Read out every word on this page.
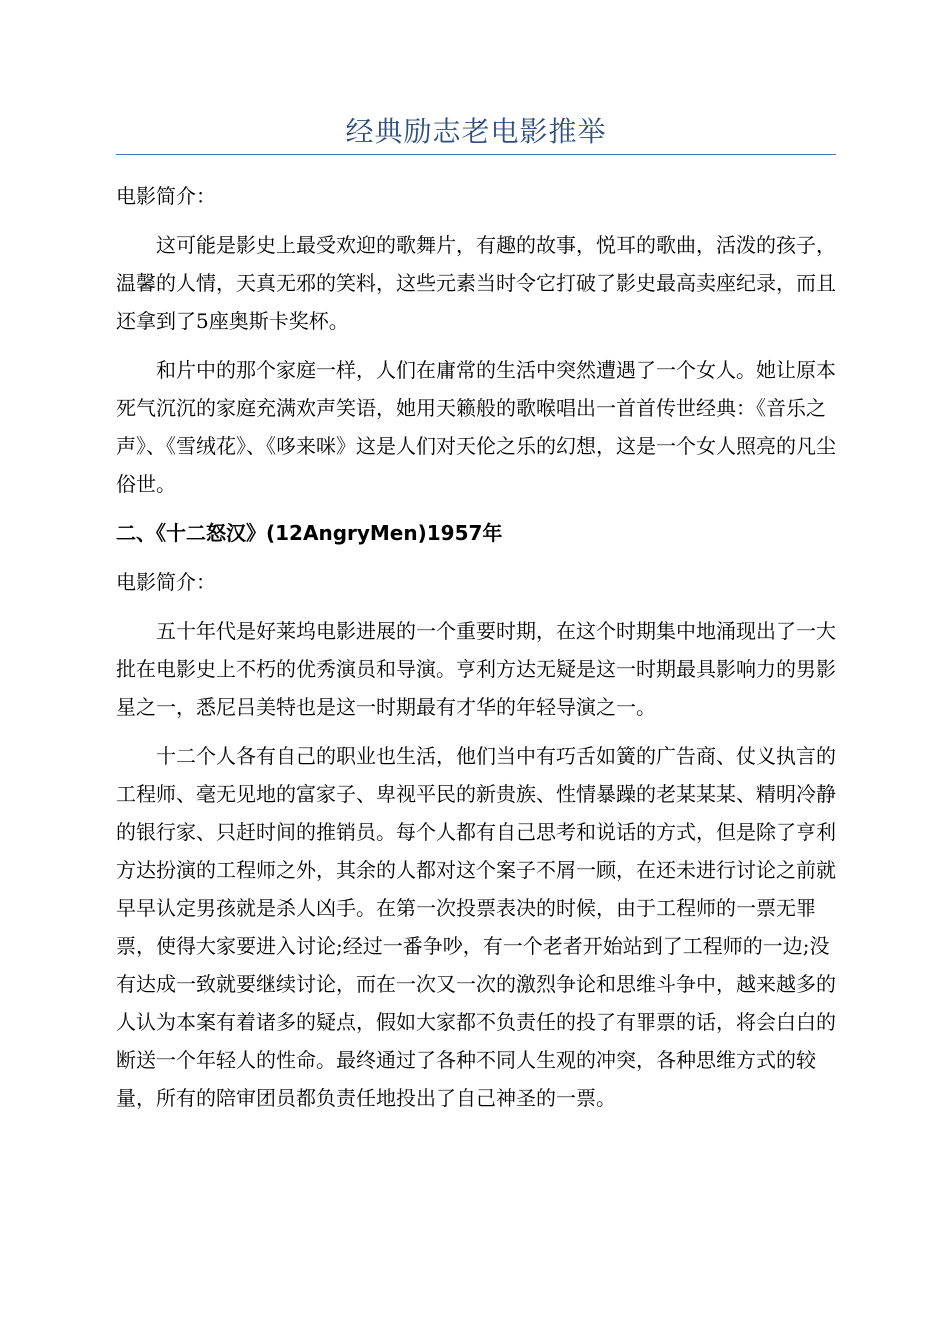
经典励志老电影推举

电影简介：

这可能是影史上最受欢迎的歌舞片，有趣的故事，悦耳的歌曲，活泼的孩子，温馨的人情，天真无邪的笑料，这些元素当时令它打破了影史最高卖座纪录，而且还拿到了5座奥斯卡奖杯。

和片中的那个家庭一样，人们在庸常的生活中突然遭遇了一个女人。她让原本死气沉沉的家庭充满欢声笑语，她用天籁般的歌喉唱出一首首传世经典：《音乐之声》、《雪绒花》、《哆来咪》这是人们对天伦之乐的幻想，这是一个女人照亮的凡尘俗世。

二、《十二怒汉》(12AngryMen)1957年

电影简介：

五十年代是好莱坞电影进展的一个重要时期，在这个时期集中地涌现出了一大批在电影史上不朽的优秀演员和导演。亨利方达无疑是这一时期最具影响力的男影星之一，悉尼吕美特也是这一时期最有才华的年轻导演之一。

十二个人各有自己的职业也生活，他们当中有巧舌如簧的广告商、仗义执言的工程师、毫无见地的富家子、卑视平民的新贵族、性情暴躁的老某某某、精明冷静的银行家、只赶时间的推销员。每个人都有自己思考和说话的方式，但是除了亨利方达扮演的工程师之外，其余的人都对这个案子不屑一顾，在还未进行讨论之前就早早认定男孩就是杀人凶手。在第一次投票表决的时候，由于工程师的一票无罪票，使得大家要进入讨论;经过一番争吵，有一个老者开始站到了工程师的一边;没有达成一致就要继续讨论，而在一次又一次的激烈争论和思维斗争中，越来越多的人认为本案有着诸多的疑点，假如大家都不负责任的投了有罪票的话，将会白白的断送一个年轻人的性命。最终通过了各种不同人生观的冲突，各种思维方式的较量，所有的陪审团员都负责任地投出了自己神圣的一票。
